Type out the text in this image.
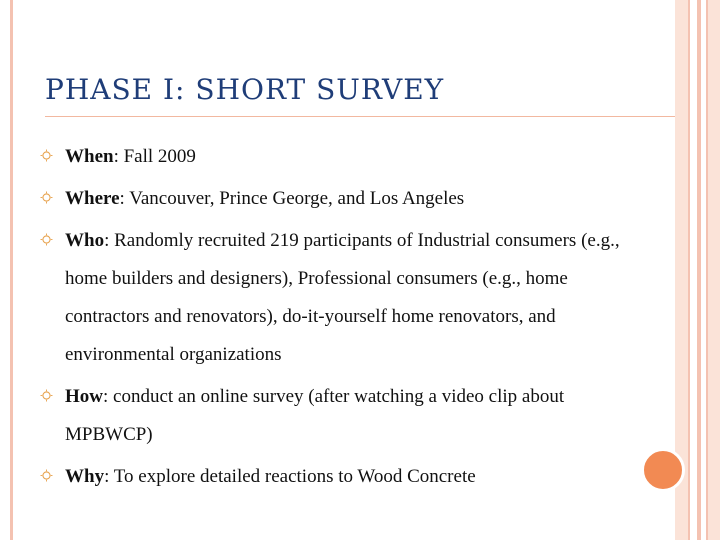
PHASE I: SHORT SURVEY
When: Fall 2009
Where: Vancouver, Prince George, and Los Angeles
Who: Randomly recruited 219 participants of Industrial consumers (e.g., home builders and designers), Professional consumers (e.g., home contractors and renovators), do-it-yourself home renovators, and environmental organizations
How: conduct an online survey (after watching a video clip about MPBWCP)
Why: To explore detailed reactions to Wood Concrete
